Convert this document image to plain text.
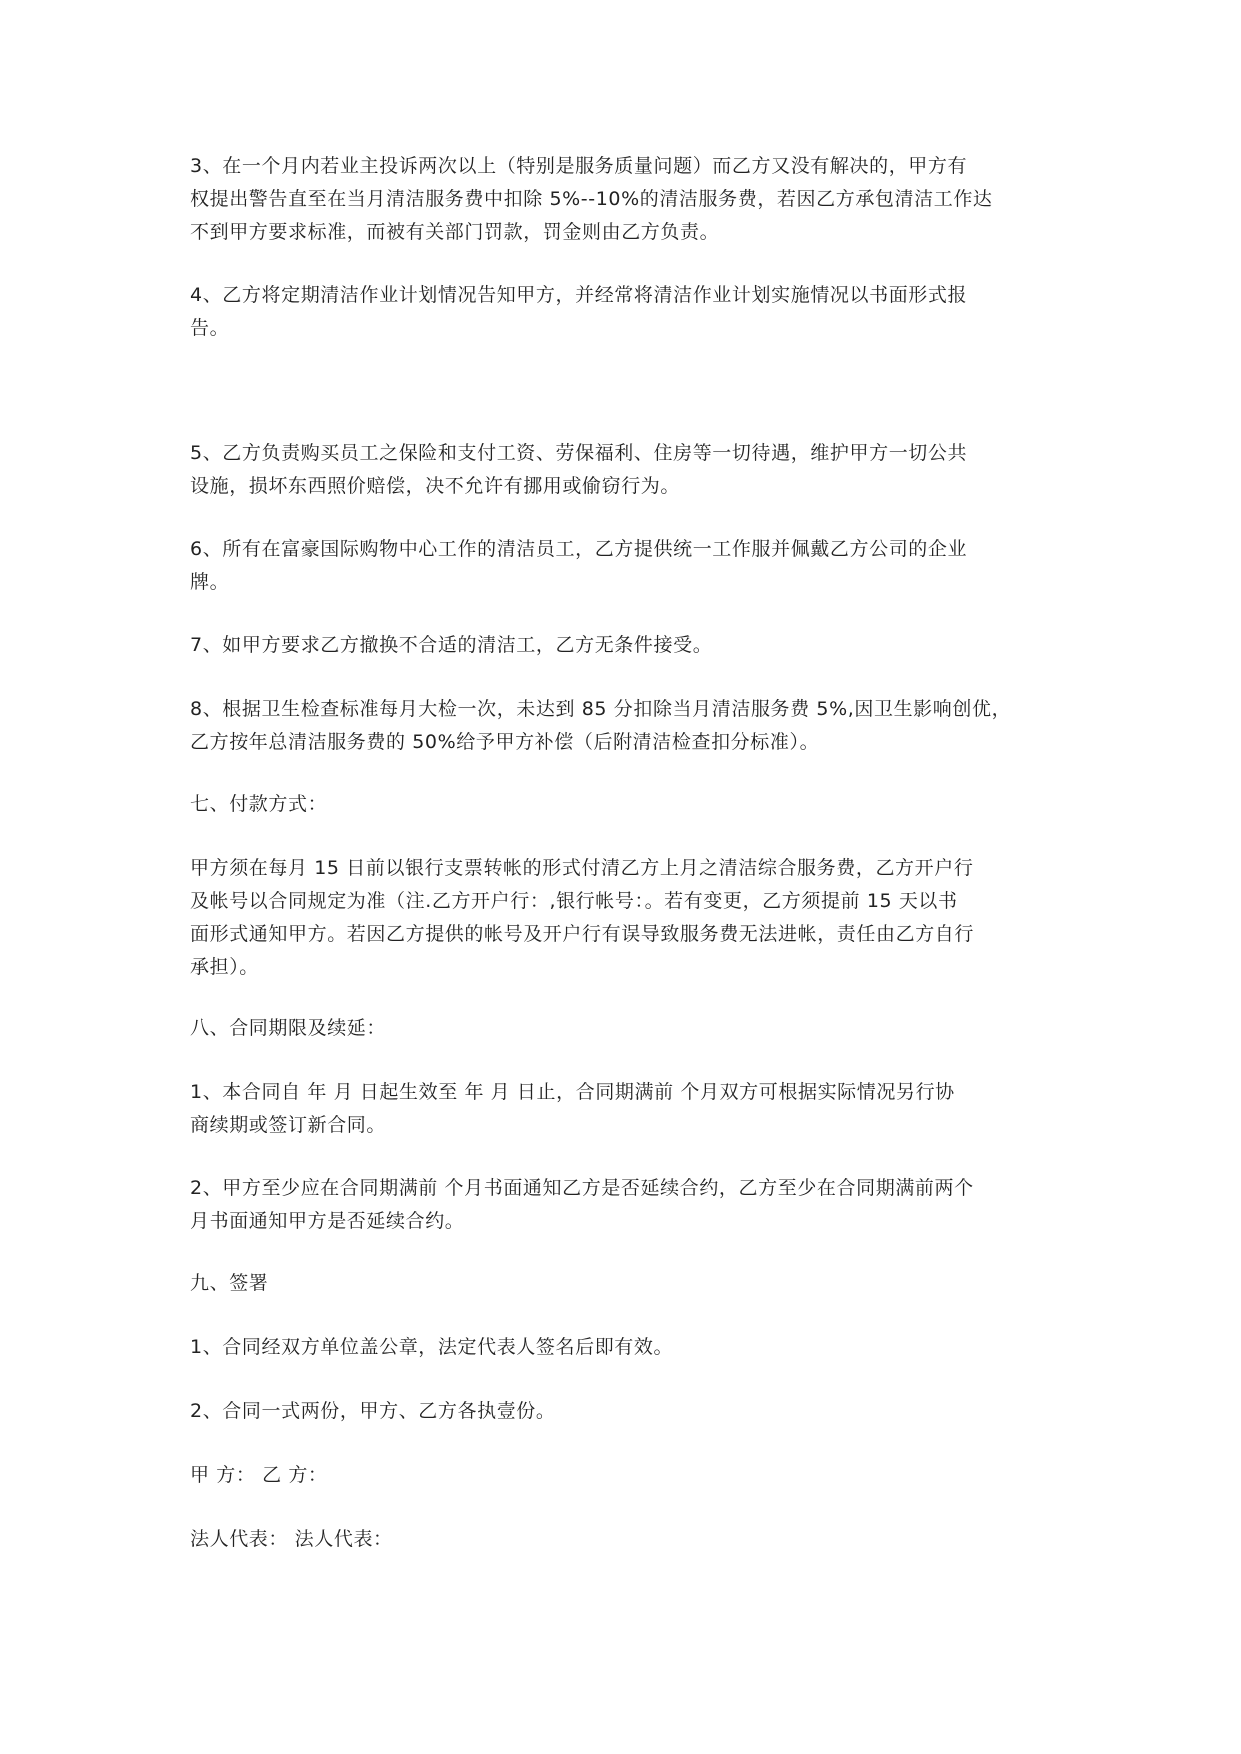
3、在一个月内若业主投诉两次以上（特别是服务质量问题）而乙方又没有解决的，甲方有
权提出警告直至在当月清洁服务费中扣除 5%--10%的清洁服务费，若因乙方承包清洁工作达
不到甲方要求标准，而被有关部门罚款，罚金则由乙方负责。

4、乙方将定期清洁作业计划情况告知甲方，并经常将清洁作业计划实施情况以书面形式报
告。

5、乙方负责购买员工之保险和支付工资、劳保福利、住房等一切待遇，维护甲方一切公共
设施，损坏东西照价赔偿，决不允许有挪用或偷窃行为。

6、所有在富豪国际购物中心工作的清洁员工，乙方提供统一工作服并佩戴乙方公司的企业
牌。

7、如甲方要求乙方撤换不合适的清洁工，乙方无条件接受。

8、根据卫生检查标准每月大检一次，未达到 85 分扣除当月清洁服务费 5%,因卫生影响创优，
乙方按年总清洁服务费的 50%给予甲方补偿（后附清洁检查扣分标准）。

七、付款方式：

甲方须在每月 15 日前以银行支票转帐的形式付清乙方上月之清洁综合服务费，乙方开户行
及帐号以合同规定为准（注.乙方开户行：,银行帐号：。若有变更，乙方须提前 15 天以书
面形式通知甲方。若因乙方提供的帐号及开户行有误导致服务费无法进帐，责任由乙方自行
承担）。

八、合同期限及续延：

1、本合同自 年 月 日起生效至 年 月 日止，合同期满前 个月双方可根据实际情况另行协
商续期或签订新合同。

2、甲方至少应在合同期满前 个月书面通知乙方是否延续合约，乙方至少在合同期满前两个
月书面通知甲方是否延续合约。

九、签署

1、合同经双方单位盖公章，法定代表人签名后即有效。

2、合同一式两份，甲方、乙方各执壹份。

甲 方： 乙 方：

法人代表： 法人代表：
